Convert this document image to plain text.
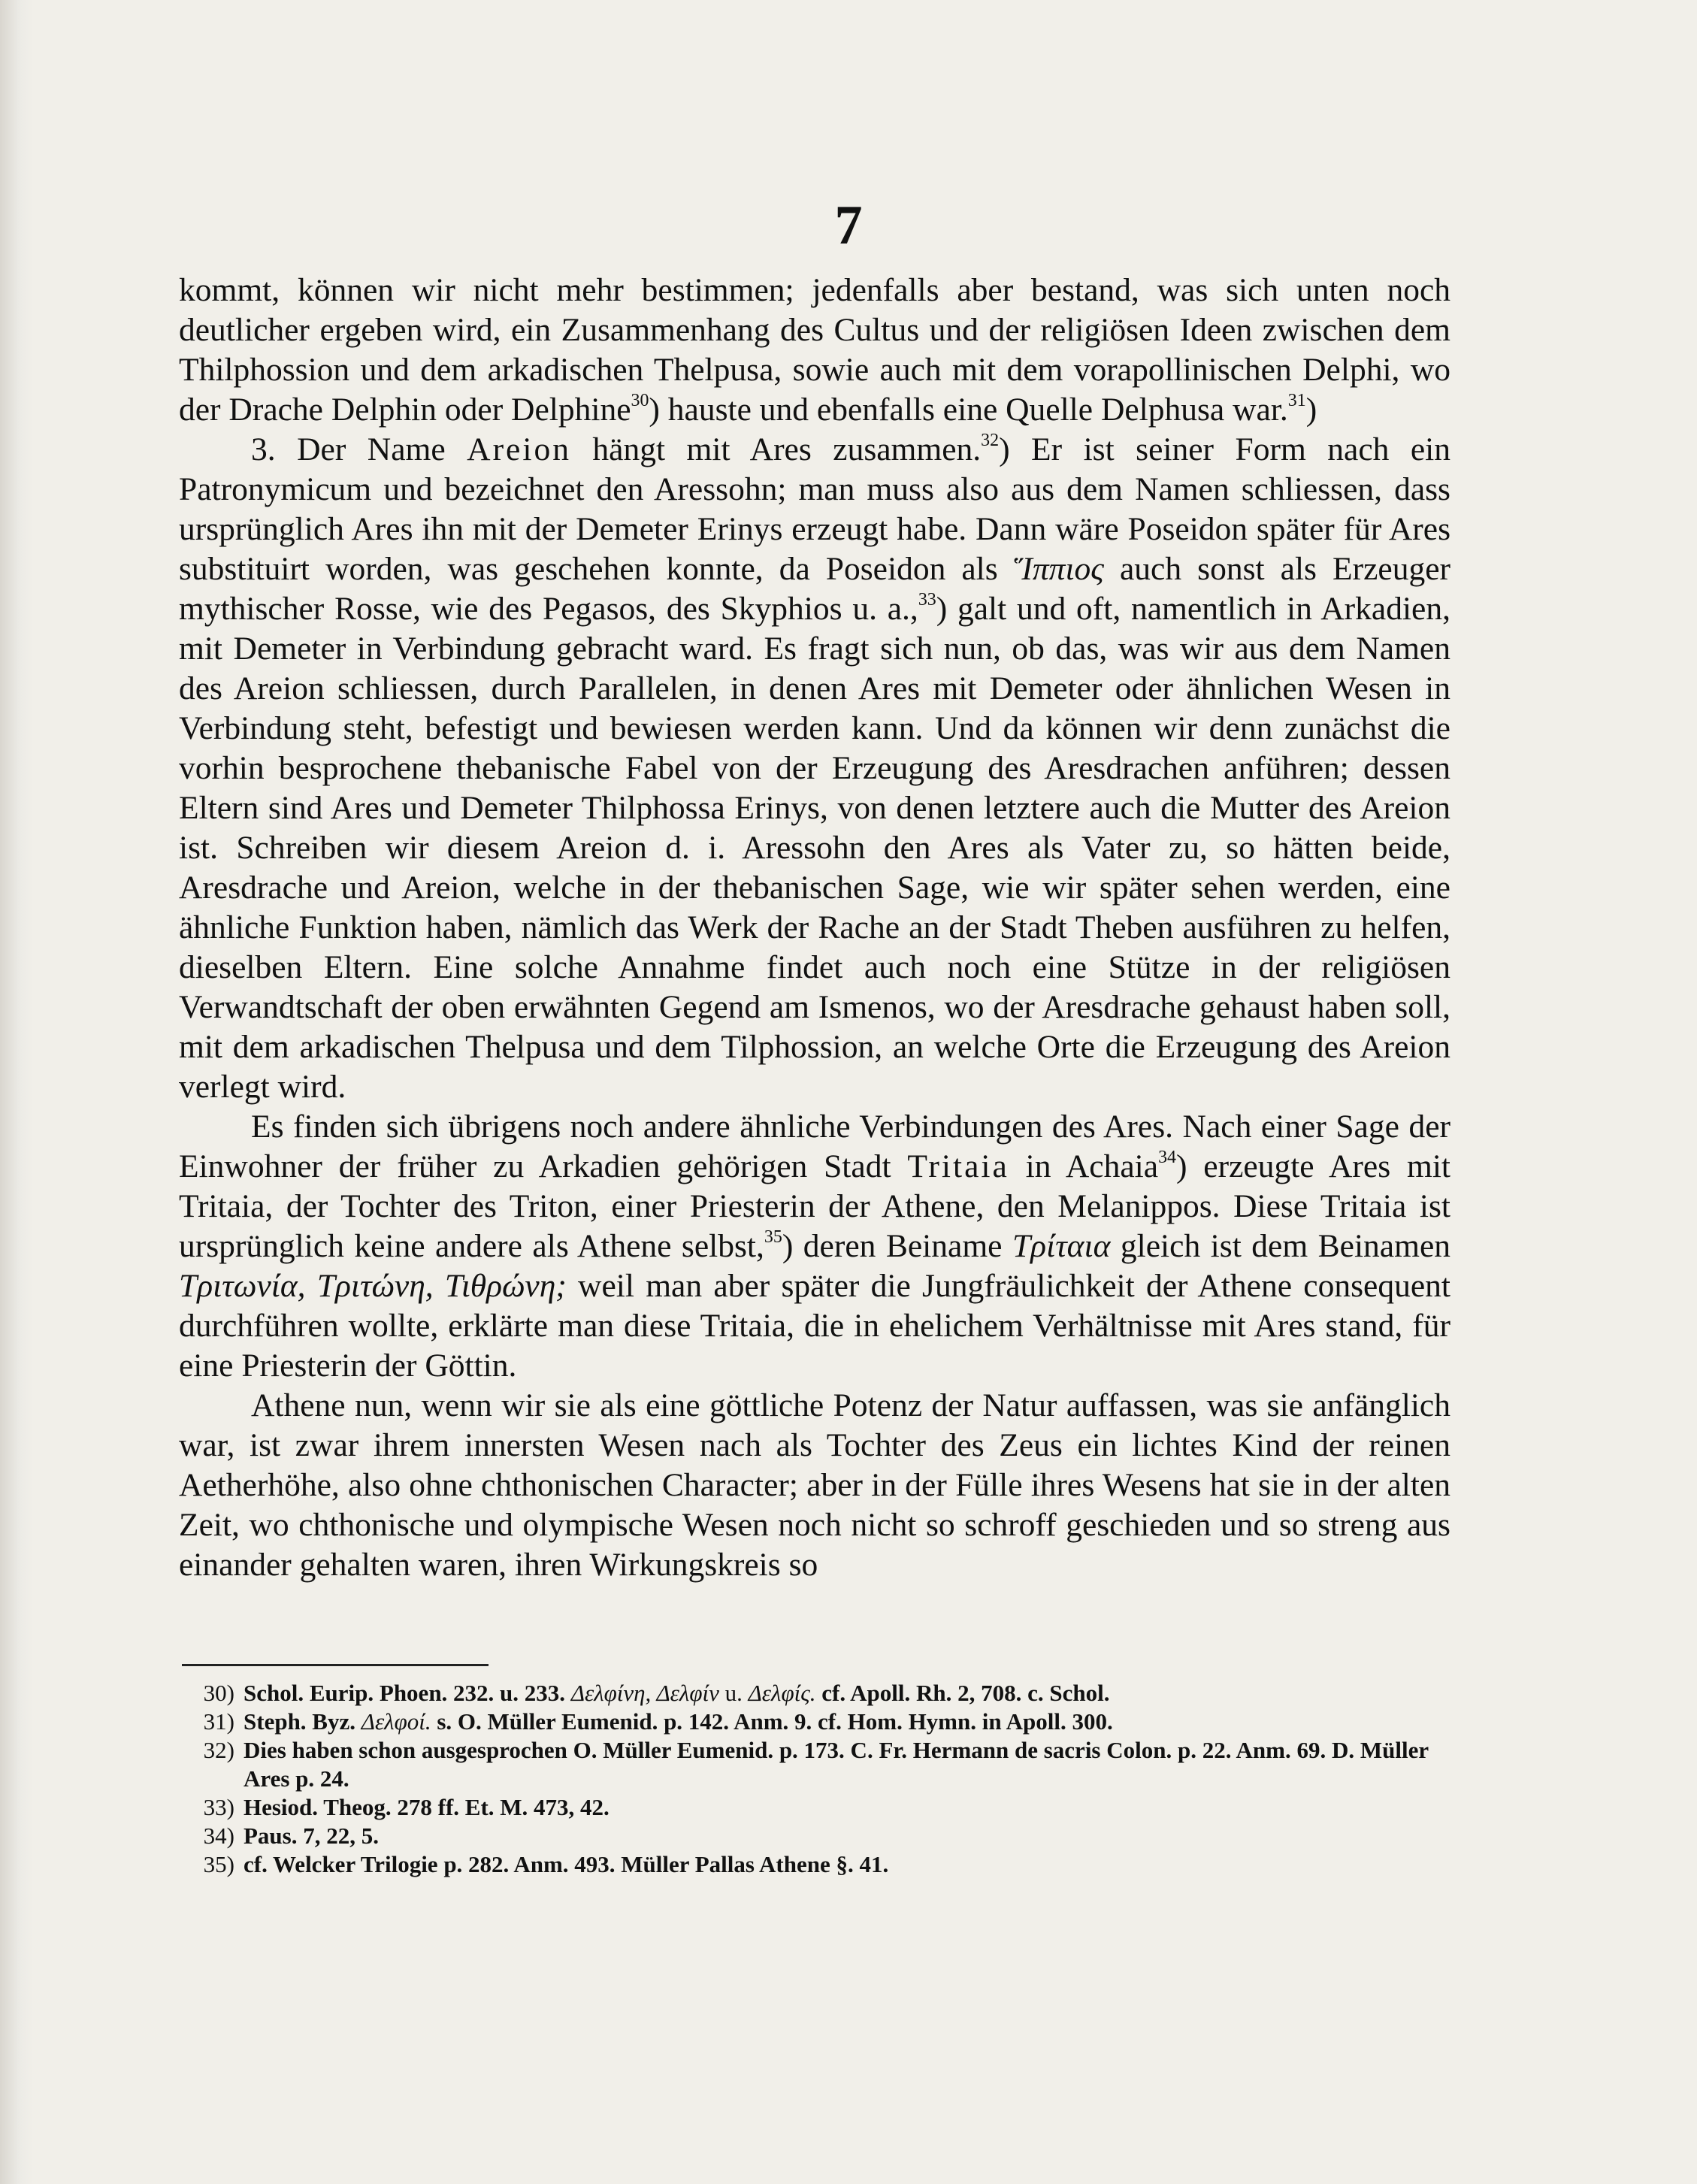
7

kommt, können wir nicht mehr bestimmen; jedenfalls aber bestand, was sich unten noch deutlicher ergeben wird, ein Zusammenhang des Cultus und der religiösen Ideen zwischen dem Thilphossion und dem arkadischen Thelpusa, sowie auch mit dem vorapollinischen Delphi, wo der Drache Delphin oder Delphine$^{30}$) hauste und ebenfalls eine Quelle Delphusa war.$^{31}$)

3. Der Name Areion hängt mit Ares zusammen.$^{32}$) Er ist seiner Form nach ein Patronymicum und bezeichnet den Aressohn; man muss also aus dem Namen schliessen, dass ursprünglich Ares ihn mit der Demeter Erinys erzeugt habe. Dann wäre Poseidon später für Ares substituirt worden, was geschehen konnte, da Poseidon als Ἵππιος auch sonst als Erzeuger mythischer Rosse, wie des Pegasos, des Skyphios u. a.,$^{33}$) galt und oft, namentlich in Arkadien, mit Demeter in Verbindung gebracht ward. Es fragt sich nun, ob das, was wir aus dem Namen des Areion schliessen, durch Parallelen, in denen Ares mit Demeter oder ähnlichen Wesen in Verbindung steht, befestigt und bewiesen werden kann. Und da können wir denn zunächst die vorhin besprochene thebanische Fabel von der Erzeugung des Aresdrachen anführen; dessen Eltern sind Ares und Demeter Thilphossa Erinys, von denen letztere auch die Mutter des Areion ist. Schreiben wir diesem Areion d. i. Aressohn den Ares als Vater zu, so hätten beide, Aresdrache und Areion, welche in der thebanischen Sage, wie wir später sehen werden, eine ähnliche Funktion haben, nämlich das Werk der Rache an der Stadt Theben ausführen zu helfen, dieselben Eltern. Eine solche Annahme findet auch noch eine Stütze in der religiösen Verwandtschaft der oben erwähnten Gegend am Ismenos, wo der Aresdrache gehaust haben soll, mit dem arkadischen Thelpusa und dem Tilphossion, an welche Orte die Erzeugung des Areion verlegt wird.

Es finden sich übrigens noch andere ähnliche Verbindungen des Ares. Nach einer Sage der Einwohner der früher zu Arkadien gehörigen Stadt Tritaia in Achaia$^{34}$) erzeugte Ares mit Tritaia, der Tochter des Triton, einer Priesterin der Athene, den Melanippos. Diese Tritaia ist ursprünglich keine andere als Athene selbst,$^{35}$) deren Beiname Τρίταια gleich ist dem Beinamen Τριτωνία, Τριτώνη, Τιθρώνη; weil man aber später die Jungfräulichkeit der Athene consequent durchführen wollte, erklärte man diese Tritaia, die in ehelichem Verhältnisse mit Ares stand, für eine Priesterin der Göttin.

Athene nun, wenn wir sie als eine göttliche Potenz der Natur auffassen, was sie anfänglich war, ist zwar ihrem innersten Wesen nach als Tochter des Zeus ein lichtes Kind der reinen Aetherhöhe, also ohne chthonischen Character; aber in der Fülle ihres Wesens hat sie in der alten Zeit, wo chthonische und olympische Wesen noch nicht so schroff geschieden und so streng aus einander gehalten waren, ihren Wirkungskreis so

30) Schol. Eurip. Phoen. 232. u. 233. Δελφίνη, Δελφίν u. Δελφίς. cf. Apoll. Rh. 2, 708. c. Schol.

31) Steph. Byz. Δελφοί. s. O. Müller Eumenid. p. 142. Anm. 9. cf. Hom. Hymn. in Apoll. 300.

32) Dies haben schon ausgesprochen O. Müller Eumenid. p. 173. C. Fr. Hermann de sacris Colon. p. 22. Anm. 69. D. Müller Ares p. 24.

33) Hesiod. Theog. 278 ff. Et. M. 473, 42.

34) Paus. 7, 22, 5.

35) cf. Welcker Trilogie p. 282. Anm. 493. Müller Pallas Athene §. 41.
